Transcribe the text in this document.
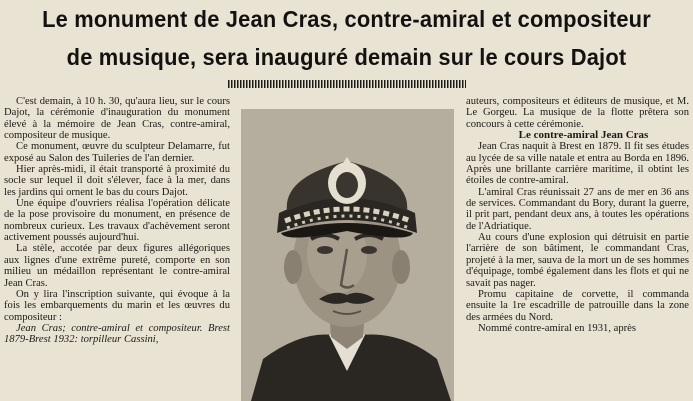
Le monument de Jean Cras, contre-amiral et compositeur
de musique, sera inauguré demain sur le cours Dajot

C'est demain, à 10 h. 30, qu'aura lieu, sur le cours Dajot, la cérémonie d'inauguration du monument élevé à la mémoire de Jean Cras, contre-amiral, compositeur de musique.

Ce monument, œuvre du sculpteur Delamarre, fut exposé au Salon des Tuileries de l'an dernier.

Hier après-midi, il était transporté à proximité du socle sur lequel il doit s'élever, face à la mer, dans les jardins qui ornent le bas du cours Dajot.

Une équipe d'ouvriers réalisa l'opération délicate de la pose provisoire du monument, en présence de nombreux curieux. Les travaux d'achèvement seront activement poussés aujourd'hui.

La stèle, accotée par deux figures allégoriques aux lignes d'une extrême pureté, comporte en son milieu un médaillon représentant le contre-amiral Jean Cras.

On y lira l'inscription suivante, qui évoque à la fois les embarquements du marin et les œuvres du compositeur :

Jean Cras; contre-amiral et compositeur. Brest 1879-Brest 1932: torpilleur Cassini,

auteurs, compositeurs et éditeurs de musique, et M. Le Gorgeu. La musique de la flotte prêtera son concours à cette cérémonie.

Le contre-amiral Jean Cras

Jean Cras naquit à Brest en 1879. Il fit ses études au lycée de sa ville natale et entra au Borda en 1896. Après une brillante carrière maritime, il obtint les étoiles de contre-amiral.

L'amiral Cras réunissait 27 ans de mer en 36 ans de services. Commandant du Bory, durant la guerre, il prit part, pendant deux ans, à toutes les opérations de l'Adriatique.

Au cours d'une explosion qui détruisit en partie l'arrière de son bâtiment, le commandant Cras, projeté à la mer, sauva de la mort un de ses hommes d'équipage, tombé également dans les flots et qui ne savait pas nager.

Promu capitaine de corvette, il commanda ensuite la 1re escadrille de patrouille dans la zone des armées du Nord.

Nommé contre-amiral en 1931, après
